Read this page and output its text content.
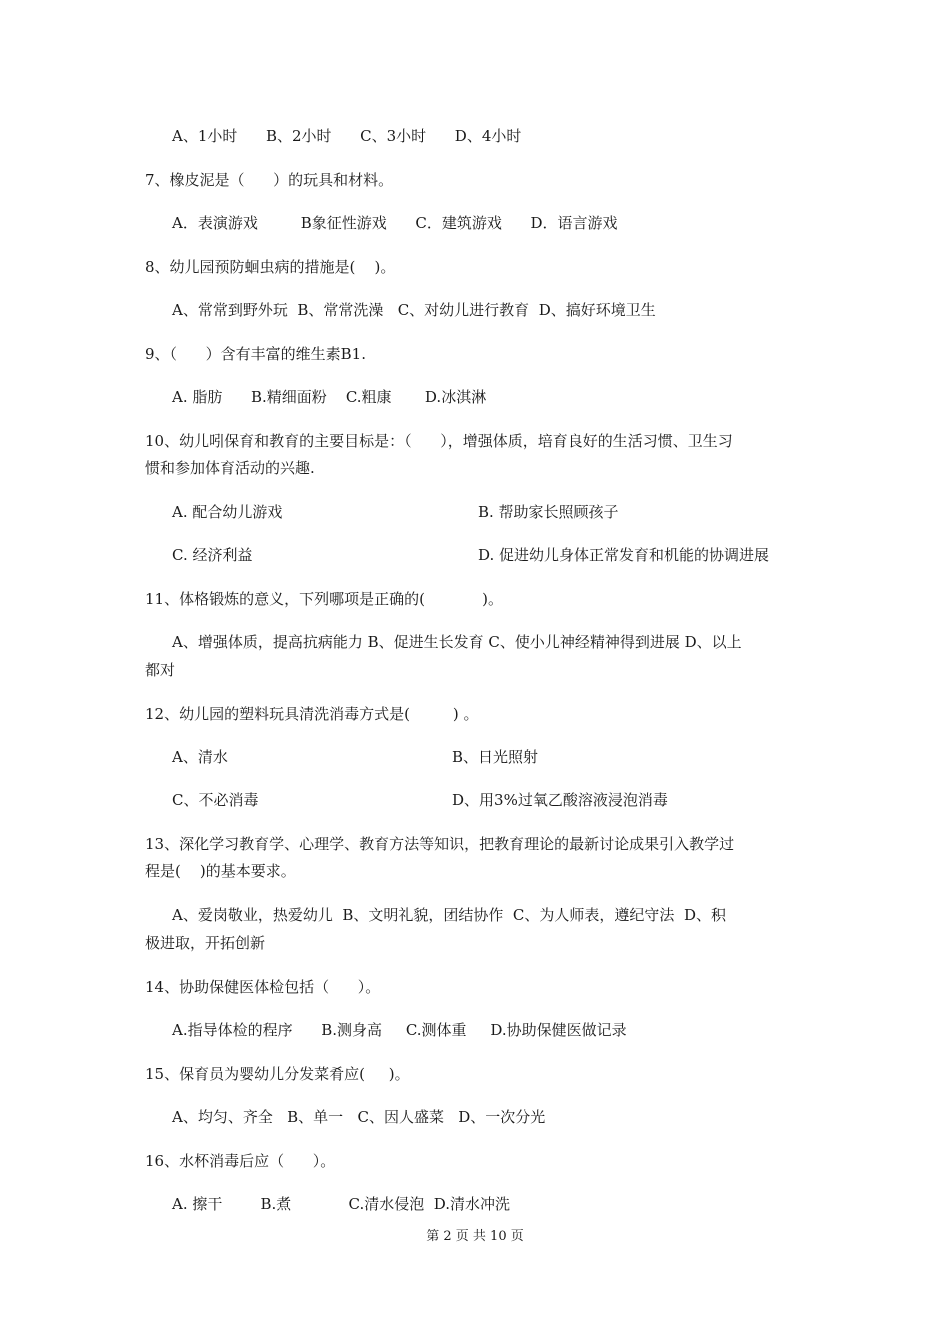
A、1小时      B、2小时      C、3小时      D、4小时
7、橡皮泥是（      ）的玩具和材料。
A．表演游戏         B象征性游戏      C．建筑游戏      D．语言游戏
8、幼儿园预防蛔虫病的措施是(    )。
A、常常到野外玩  B、常常洗澡   C、对幼儿进行教育  D、搞好环境卫生
9、（      ）含有丰富的维生素B1.
A. 脂肪      B.精细面粉    C.粗康       D.冰淇淋
10、幼儿吲保育和教育的主要目标是：（      ），增强体质，培育良好的生活习惯、卫生习
惯和参加体育活动的兴趣.
A. 配合幼儿游戏	B. 帮助家长照顾孩子
C. 经济利益	D. 促进幼儿身体正常发育和机能的协调进展
11、体格锻炼的意义，下列哪项是正确的(            )。
A、增强体质，提高抗病能力 B、促进生长发育 C、使小儿神经精神得到进展 D、以上
都对
12、幼儿园的塑料玩具清洗消毒方式是(         ) 。
A、清水	B、日光照射
C、不必消毒	D、用3%过氧乙酸溶液浸泡消毒
13、深化学习教育学、心理学、教育方法等知识，把教育理论的最新讨论成果引入教学过
程是(    )的基本要求。
A、爱岗敬业，热爱幼儿  B、文明礼貌，团结协作  C、为人师表，遵纪守法  D、积
极进取，开拓创新
14、协助保健医体检包括（      ）。
A.指导体检的程序      B.测身高     C.测体重     D.协助保健医做记录
15、保育员为婴幼儿分发菜肴应(     )。
A、均匀、齐全   B、单一   C、因人盛菜   D、一次分光
16、水杯消毒后应（      ）。
A. 擦干        B.煮            C.清水侵泡  D.清水冲洗
第 2 页 共 10 页
